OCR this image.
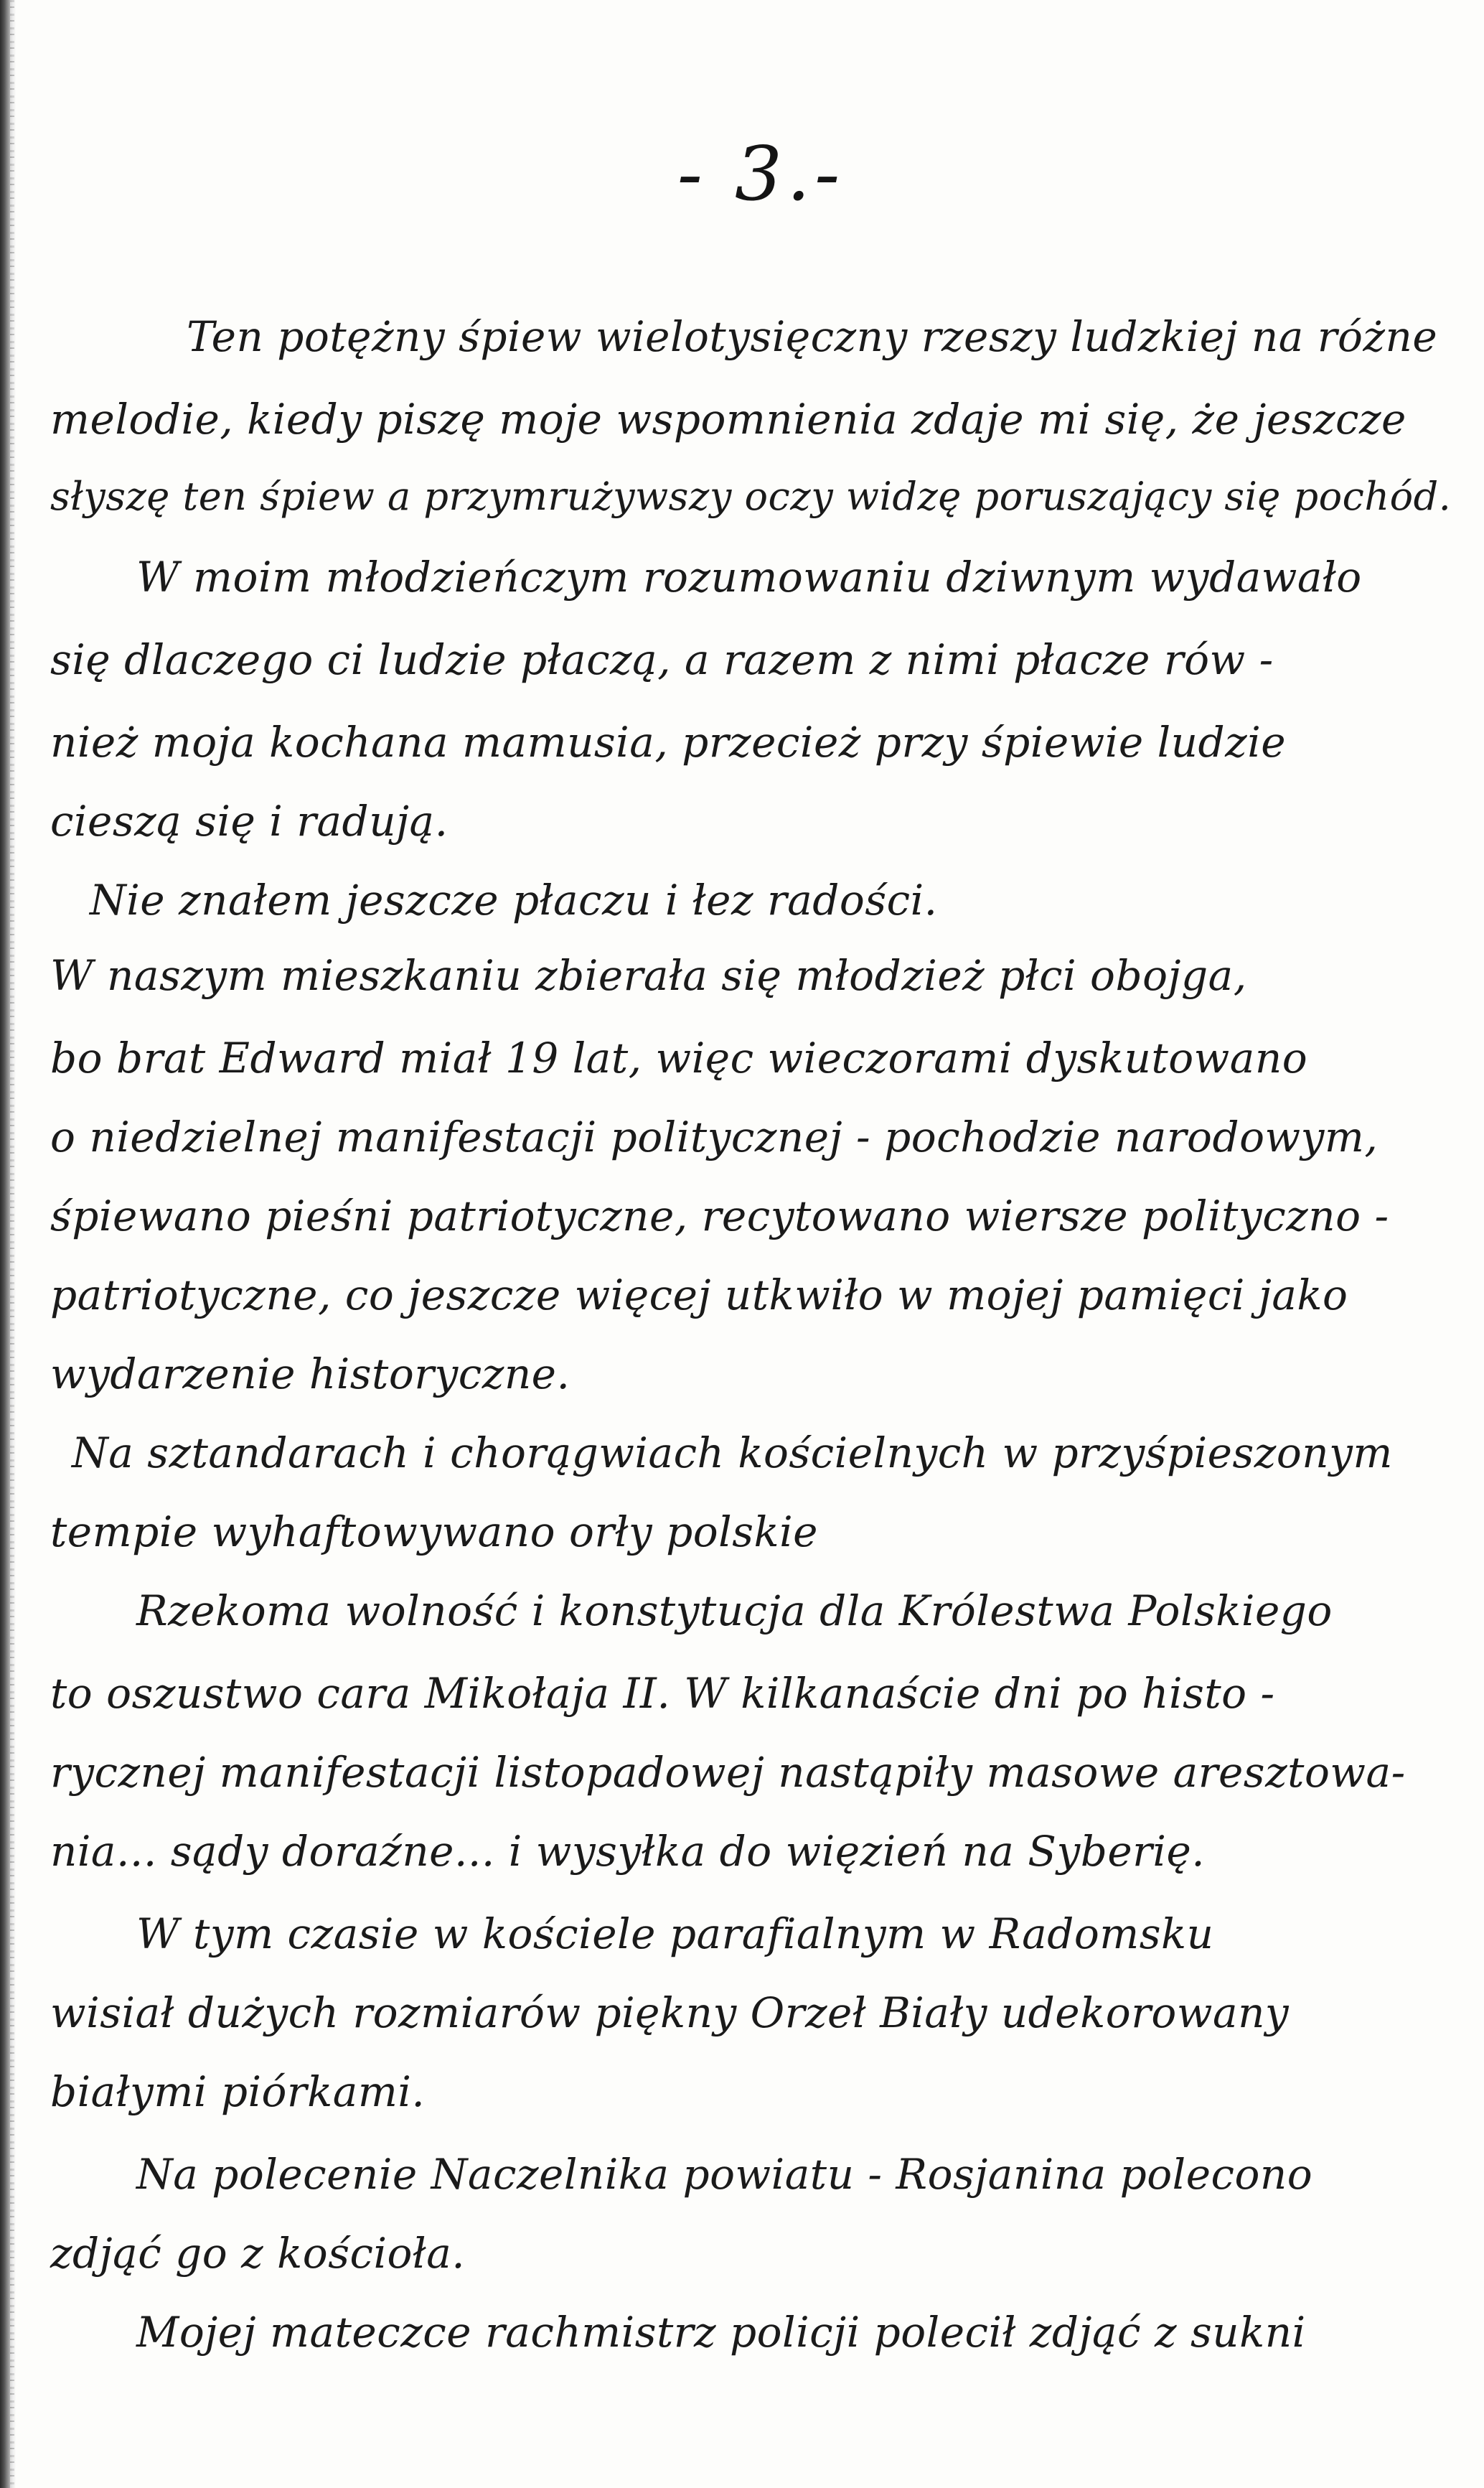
- 3.-
Ten potężny śpiew wielotysięczny rzeszy ludzkiej na różne
melodie, kiedy piszę moje wspomnienia zdaje mi się, że jeszcze
słyszę ten śpiew a przymrużywszy oczy widzę poruszający się pochód.
W moim młodzieńczym rozumowaniu dziwnym wydawało
się dlaczego ci ludzie płaczą, a razem z nimi płacze rów -
nież moja kochana mamusia, przecież przy śpiewie ludzie
cieszą się i radują.
Nie znałem jeszcze płaczu i łez radości.
W naszym mieszkaniu zbierała się młodzież płci obojga,
bo brat Edward miał 19 lat, więc wieczorami dyskutowano
o niedzielnej manifestacji politycznej - pochodzie narodowym,
śpiewano pieśni patriotyczne, recytowano wiersze polityczno -
patriotyczne, co jeszcze więcej utkwiło w mojej pamięci jako
wydarzenie historyczne.
Na sztandarach i chorągwiach kościelnych w przyśpieszonym
tempie wyhaftowywano orły polskie
Rzekoma wolność i konstytucja dla Królestwa Polskiego
to oszustwo cara Mikołaja II. W kilkanaście dni po histo -
rycznej manifestacji listopadowej nastąpiły masowe aresztowa-
nia... sądy doraźne... i wysyłka do więzień na Syberię.
W tym czasie w kościele parafialnym w Radomsku
wisiał dużych rozmiarów piękny Orzeł Biały udekorowany
białymi piórkami.
Na polecenie Naczelnika powiatu - Rosjanina polecono
zdjąć go z kościoła.
Mojej mateczce rachmistrz policji polecił zdjąć z sukni
